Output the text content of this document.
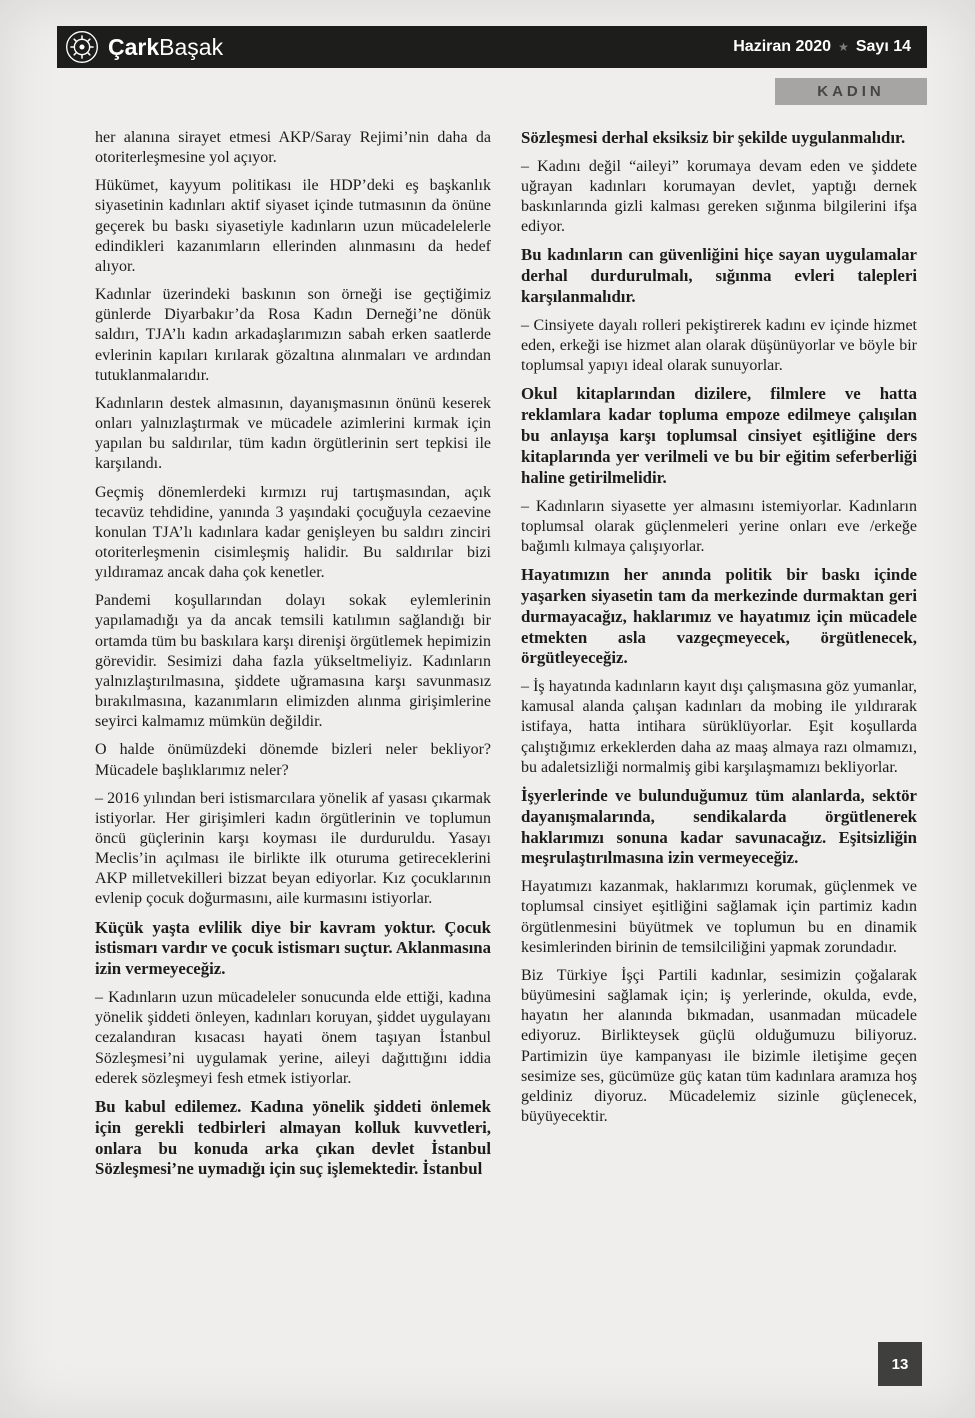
ÇarkBaşak	Haziran 2020 ★ Sayı 14
KADIN

her alanına sirayet etmesi AKP/Saray Rejimi’nin daha da otoriterleşmesine yol açıyor.

Hükümet, kayyum politikası ile HDP’deki eş başkanlık siyasetinin kadınları aktif siyaset içinde tutmasının da önüne geçerek bu baskı siyasetiyle kadınların uzun mücadelelerle edindikleri kazanımların ellerinden alınmasını da hedef alıyor.

Kadınlar üzerindeki baskının son örneği ise geçtiğimiz günlerde Diyarbakır’da Rosa Kadın Derneği’ne dönük saldırı, TJA’lı kadın arkadaşlarımızın sabah erken saatlerde evlerinin kapıları kırılarak gözaltına alınmaları ve ardından tutuklanmalarıdır.

Kadınların destek almasının, dayanışmasının önünü keserek onları yalnızlaştırmak ve mücadele azimlerini kırmak için yapılan bu saldırılar, tüm kadın örgütlerinin sert tepkisi ile karşılandı.

Geçmiş dönemlerdeki kırmızı ruj tartışmasından, açık tecavüz tehdidine, yanında 3 yaşındaki çocuğuyla cezaevine konulan TJA’lı kadınlara kadar genişleyen bu saldırı zinciri otoriterleşmenin cisimleşmiş halidir. Bu saldırılar bizi yıldıramaz ancak daha çok kenetler.

Pandemi koşullarından dolayı sokak eylemlerinin yapılamadığı ya da ancak temsili katılımın sağlandığı bir ortamda tüm bu baskılara karşı direnişi örgütlemek hepimizin görevidir. Sesimizi daha fazla yükseltmeliyiz. Kadınların yalnızlaştırılmasına, şiddete uğramasına karşı savunmasız bırakılmasına, kazanımların elimizden alınma girişimlerine seyirci kalmamız mümkün değildir.

O halde önümüzdeki dönemde bizleri neler bekliyor? Mücadele başlıklarımız neler?

– 2016 yılından beri istismarcılara yönelik af yasası çıkarmak istiyorlar. Her girişimleri kadın örgütlerinin ve toplumun öncü güçlerinin karşı koyması ile durduruldu. Yasayı Meclis’in açılması ile birlikte ilk oturuma getireceklerini AKP milletvekilleri bizzat beyan ediyorlar. Kız çocuklarının evlenip çocuk doğurmasını, aile kurmasını istiyorlar.

Küçük yaşta evlilik diye bir kavram yoktur. Çocuk istismarı vardır ve çocuk istismarı suçtur. Aklanmasına izin vermeyeceğiz.

– Kadınların uzun mücadeleler sonucunda elde ettiği, kadına yönelik şiddeti önleyen, kadınları koruyan, şiddet uygulayanı cezalandıran kısacası hayati önem taşıyan İstanbul Sözleşmesi’ni uygulamak yerine, aileyi dağıttığını iddia ederek sözleşmeyi fesh etmek istiyorlar.

Bu kabul edilemez. Kadına yönelik şiddeti önlemek için gerekli tedbirleri almayan kolluk kuvvetleri, onlara bu konuda arka çıkan devlet İstanbul Sözleşmesi’ne uymadığı için suç işlemektedir. İstanbul

Sözleşmesi derhal eksiksiz bir şekilde uygulanmalıdır.

– Kadını değil “aileyi” korumaya devam eden ve şiddete uğrayan kadınları korumayan devlet, yaptığı dernek baskınlarında gizli kalması gereken sığınma bilgilerini ifşa ediyor.

Bu kadınların can güvenliğini hiçe sayan uygulamalar derhal durdurulmalı, sığınma evleri talepleri karşılanmalıdır.

– Cinsiyete dayalı rolleri pekiştirerek kadını ev içinde hizmet eden, erkeği ise hizmet alan olarak düşünüyorlar ve böyle bir toplumsal yapıyı ideal olarak sunuyorlar.

Okul kitaplarından dizilere, filmlere ve hatta reklamlara kadar topluma empoze edilmeye çalışılan bu anlayışa karşı toplumsal cinsiyet eşitliğine ders kitaplarında yer verilmeli ve bu bir eğitim seferberliği haline getirilmelidir.

– Kadınların siyasette yer almasını istemiyorlar. Kadınların toplumsal olarak güçlenmeleri yerine onları eve /erkeğe bağımlı kılmaya çalışıyorlar.

Hayatımızın her anında politik bir baskı içinde yaşarken siyasetin tam da merkezinde durmaktan geri durmayacağız, haklarımız ve hayatımız için mücadele etmekten asla vazgeçmeyecek, örgütlenecek, örgütleyeceğiz.

– İş hayatında kadınların kayıt dışı çalışmasına göz yumanlar, kamusal alanda çalışan kadınları da mobing ile yıldırarak istifaya, hatta intihara sürüklüyorlar. Eşit koşullarda çalıştığımız erkeklerden daha az maaş almaya razı olmamızı, bu adaletsizliği normalmiş gibi karşılaşmamızı bekliyorlar.

İşyerlerinde ve bulunduğumuz tüm alanlarda, sektör dayanışmalarında, sendikalarda örgütlenerek haklarımızı sonuna kadar savunacağız. Eşitsizliğin meşrulaştırılmasına izin vermeyeceğiz.

Hayatımızı kazanmak, haklarımızı korumak, güçlenmek ve toplumsal cinsiyet eşitliğini sağlamak için partimiz kadın örgütlenmesini büyütmek ve toplumun bu en dinamik kesimlerinden birinin de temsilciliğini yapmak zorundadır.

Biz Türkiye İşçi Partili kadınlar, sesimizin çoğalarak büyümesini sağlamak için; iş yerlerinde, okulda, evde, hayatın her alanında bıkmadan, usanmadan mücadele ediyoruz. Birlikteysek güçlü olduğumuzu biliyoruz. Partimizin üye kampanyası ile bizimle iletişime geçen sesimize ses, gücümüze güç katan tüm kadınlara aramıza hoş geldiniz diyoruz. Mücadelemiz sizinle güçlenecek, büyüyecektir.

13
